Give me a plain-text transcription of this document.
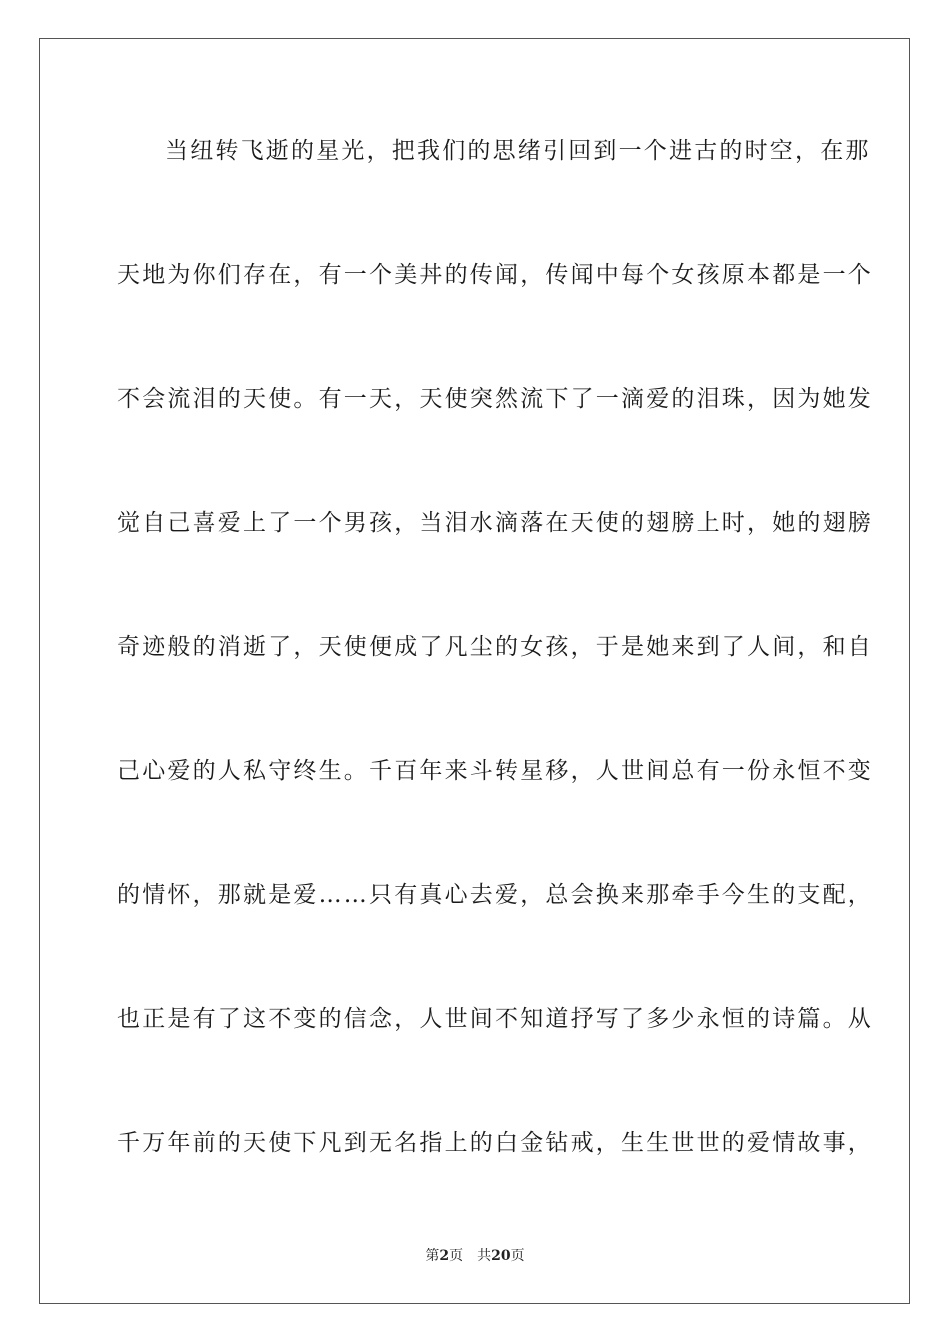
当纽转飞逝的星光，把我们的思绪引回到一个进古的时空，在那

天地为你们存在，有一个美丼的传闻，传闻中每个女孩原本都是一个

不会流泪的天使。有一天，天使突然流下了一滴爱的泪珠，因为她发

觉自己喜爱上了一个男孩，当泪水滴落在天使的翅膀上时，她的翅膀

奇迹般的消逝了，天使便成了凡尘的女孩，于是她来到了人间，和自

己心爱的人私守终生。千百年来斗转星移，人世间总有一份永恒不变

的情怀，那就是爱……只有真心去爱，总会换来那牵手今生的支配，

也正是有了这不变的信念，人世间不知道抒写了多少永恒的诗篇。从

千万年前的天使下凡到无名指上的白金钻戒，生生世世的爱情故事，

第2页 共20页
